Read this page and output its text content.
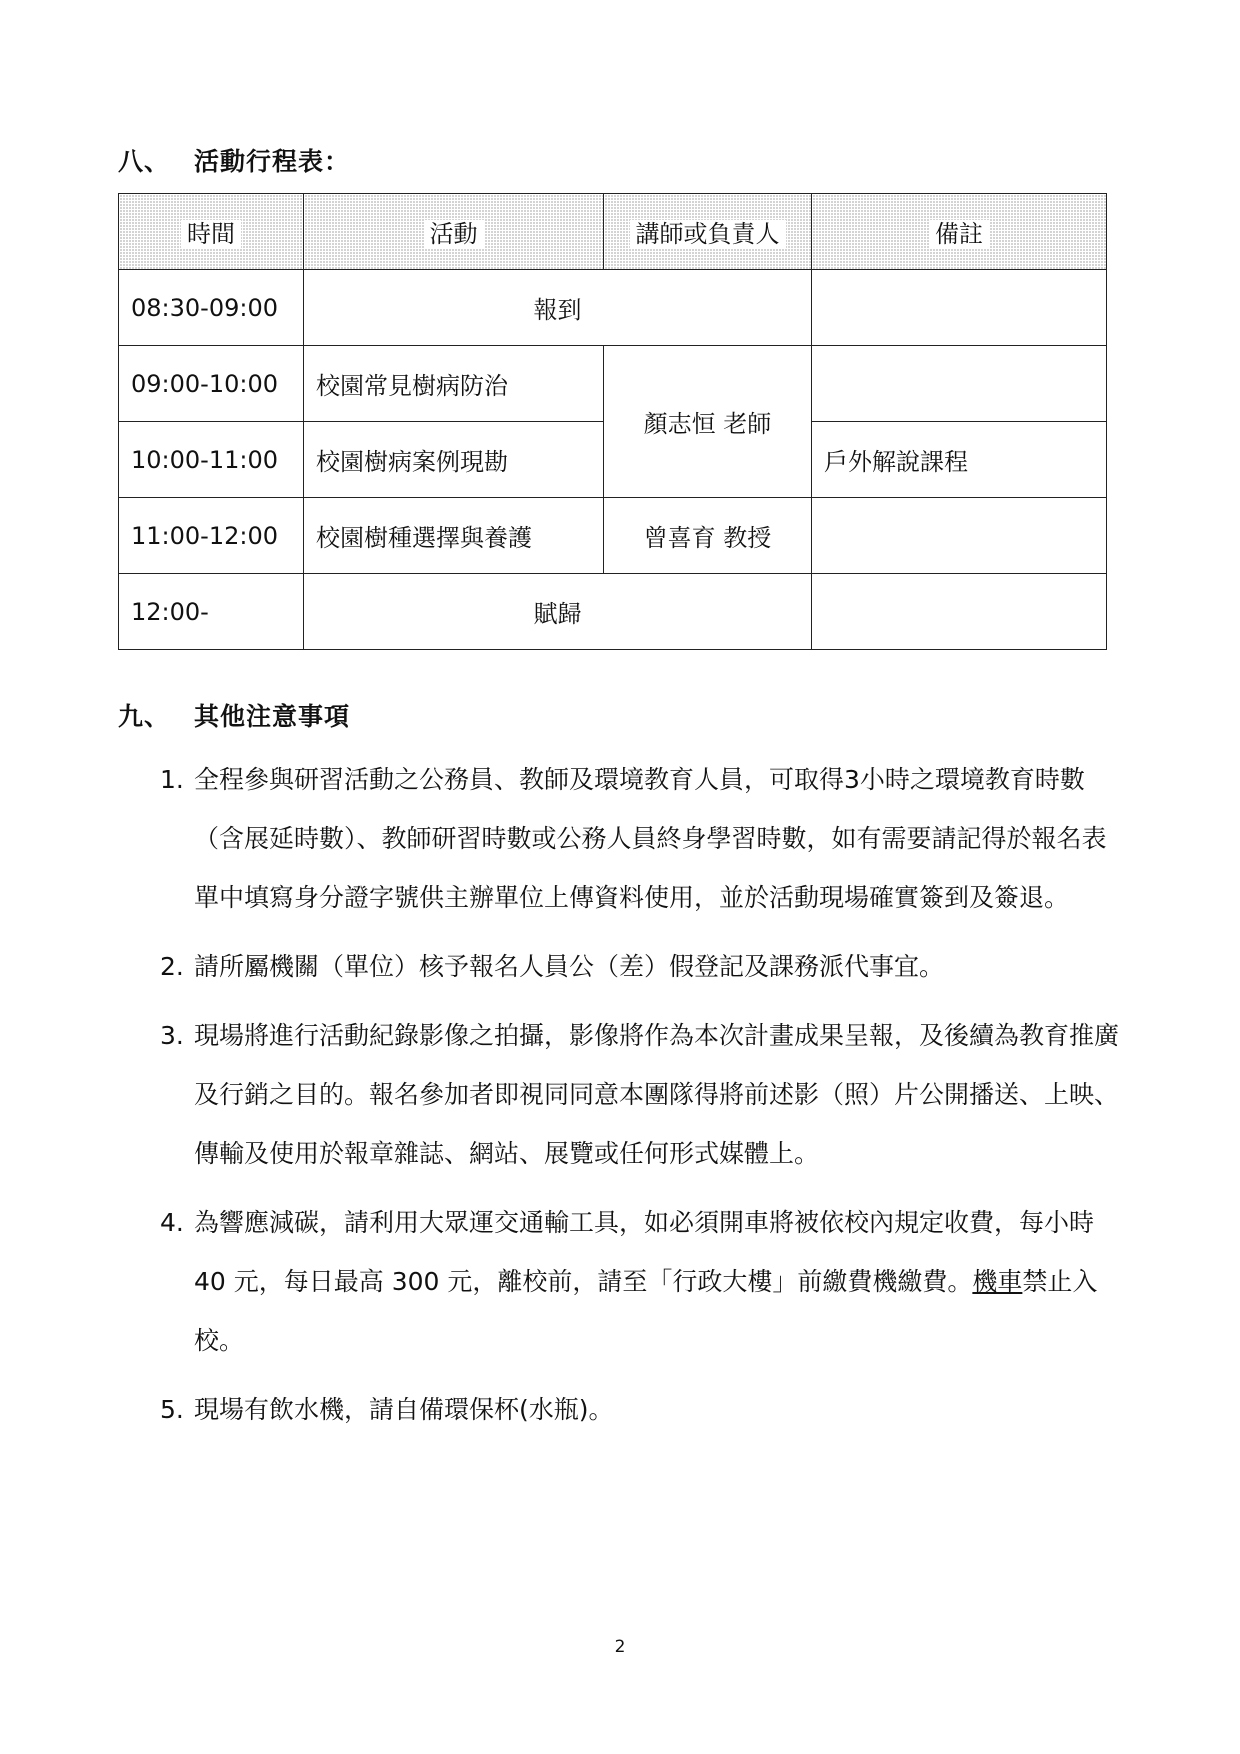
八、 活動行程表：
時間	活動	講師或負責人	備註
08:30-09:00	報到		
09:00-10:00	校園常見樹病防治	顏志恒 老師	
10:00-11:00	校園樹病案例現勘		戶外解說課程
11:00-12:00	校園樹種選擇與養護	曾喜育 教授	
12:00-	賦歸		
九、 其他注意事項
1. 全程參與研習活動之公務員、教師及環境教育人員，可取得3小時之環境教育時數（含展延時數）、教師研習時數或公務人員終身學習時數，如有需要請記得於報名表單中填寫身分證字號供主辦單位上傳資料使用，並於活動現場確實簽到及簽退。
2. 請所屬機關（單位）核予報名人員公（差）假登記及課務派代事宜。
3. 現場將進行活動紀錄影像之拍攝，影像將作為本次計畫成果呈報，及後續為教育推廣及行銷之目的。報名參加者即視同同意本團隊得將前述影（照）片公開播送、上映、傳輸及使用於報章雜誌、網站、展覽或任何形式媒體上。
4. 為響應減碳，請利用大眾運交通輸工具，如必須開車將被依校內規定收費，每小時 40 元，每日最高 300 元，離校前，請至「行政大樓」前繳費機繳費。機車禁止入校。
5. 現場有飲水機，請自備環保杯(水瓶)。
2
